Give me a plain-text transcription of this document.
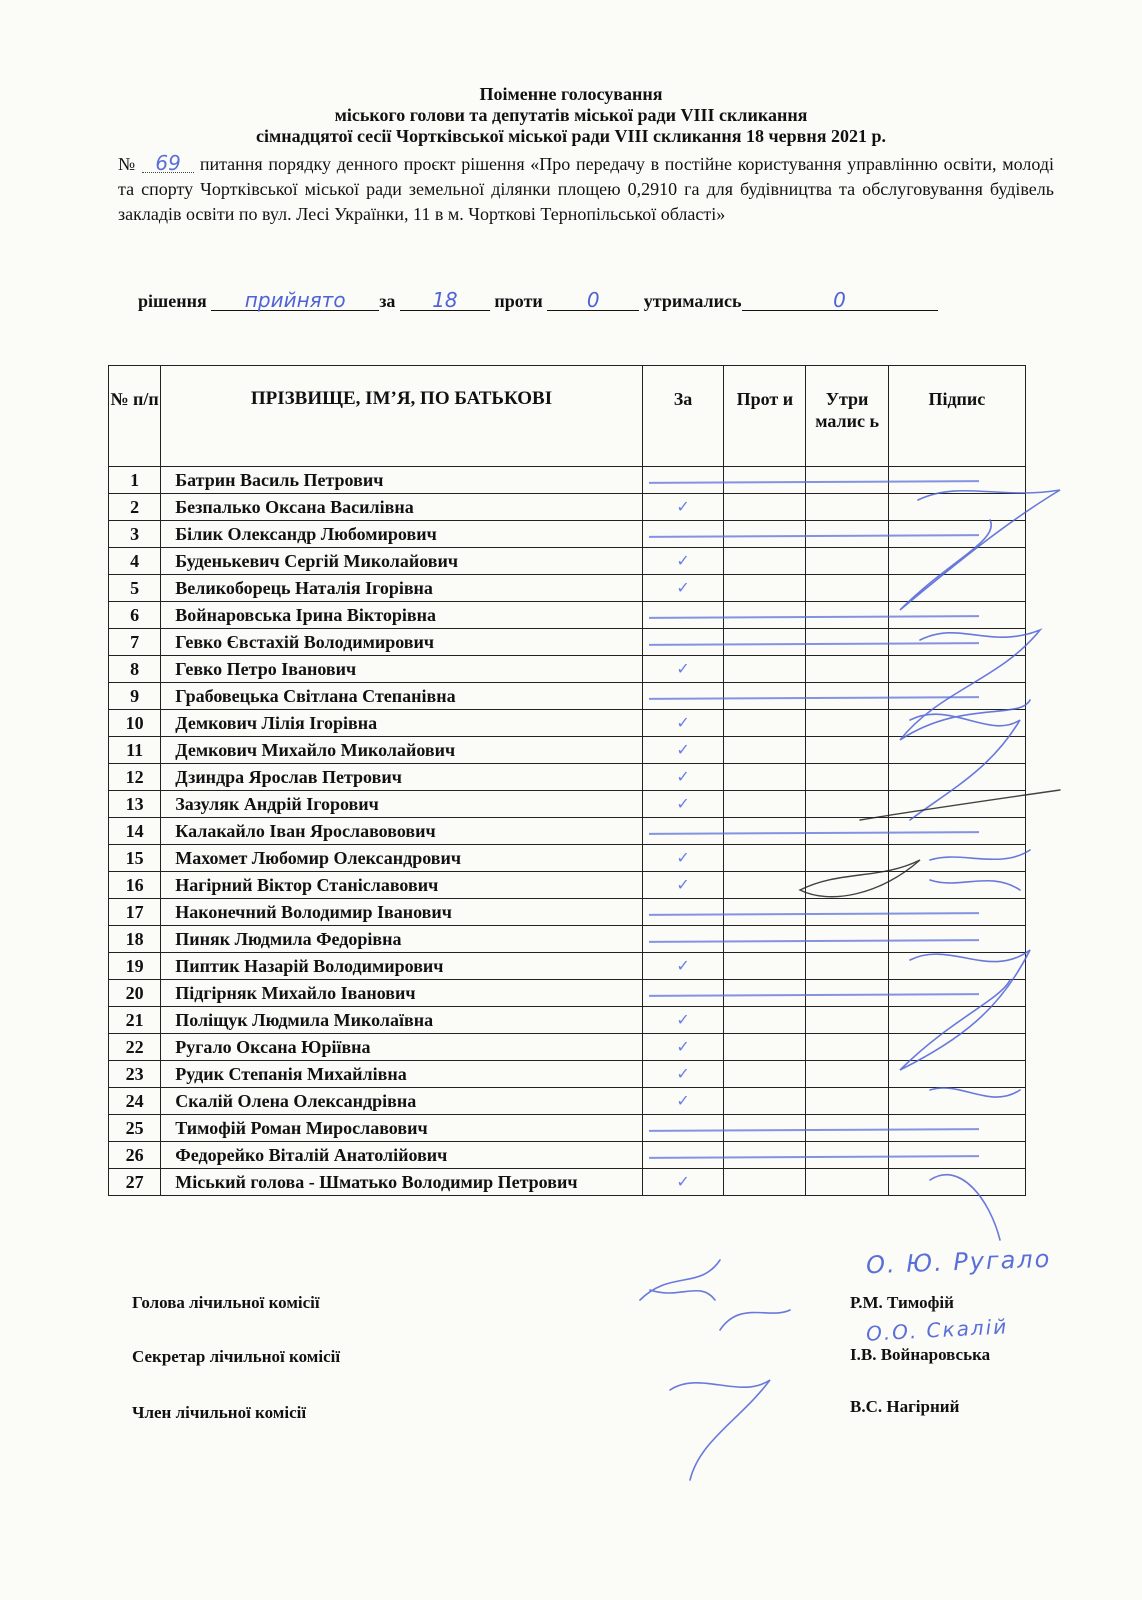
Поіменне голосування
міського голови та депутатів міської ради VIII скликання
сімнадцятої сесії Чортківської міської ради VIII скликання 18 червня 2021 р.
№ 69 питання порядку денного проєкт рішення «Про передачу в постійне користування управлінню освіти, молоді та спорту Чортківської міської ради земельної ділянки площею 0,2910 га для будівництва та обслуговування будівель закладів освіти по вул. Лесі Українки, 11 в м. Чорткові Тернопільської області»
рішення прийнято за 18 проти 0 утримались	0
№ п/п	ПРІЗВИЩЕ, ІМ’Я, ПО БАТЬКОВІ	За	Прот и	Утри малис ь	Підпис
1	Батрин Василь Петрович

2	Безпалько Оксана Василівна	✓			
3	Білик Олександр Любомирович

4	Буденькевич Сергій Миколайович	✓			
5	Великоборець Наталія Ігорівна	✓			
6	Войнаровська Ірина Вікторівна

7	Гевко Євстахій Володимирович

8	Гевко Петро Іванович	✓			
9	Грабовецька Світлана Степанівна

10	Демкович Лілія Ігорівна	✓			
11	Демкович Михайло Миколайович	✓			
12	Дзиндра Ярослав Петрович	✓			
13	Зазуляк Андрій Ігорович	✓			
14	Калакайло Іван Ярославовович

15	Махомет Любомир Олександрович	✓			
16	Нагірний Віктор Станіславович	✓			
17	Наконечний Володимир Іванович

18	Пиняк Людмила Федорівна

19	Пиптик Назарій Володимирович	✓			
20	Підгірняк Михайло Іванович

21	Поліщук Людмила Миколаївна	✓			
22	Ругало Оксана Юріївна	✓			
23	Рудик Степанія Михайлівна	✓			
24	Скалій Олена Олександрівна	✓			
25	Тимофій Роман Мирославович

26	Федорейко Віталій Анатолійович

27	Міський голова - Шматько Володимир Петрович	✓			
Голова лічильної комісії	Р.М. Тимофій
Секретар лічильної комісії	І.В. Войнаровська
Член лічильної комісії	В.С. Нагірний
О. Ю. Ругало
О.О. Скалій
